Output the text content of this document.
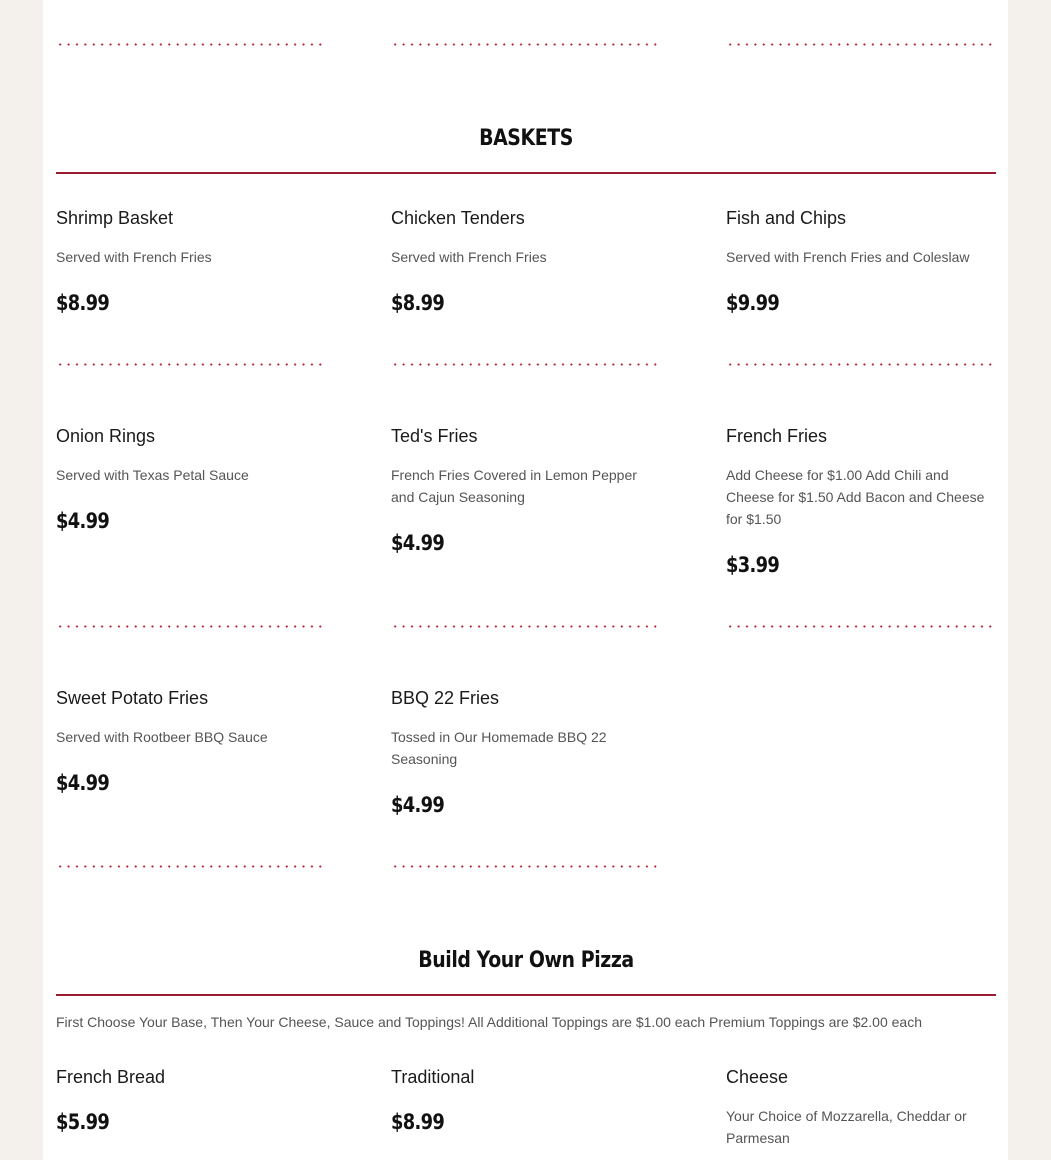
BASKETS
Shrimp Basket
Served with French Fries
$8.99
Chicken Tenders
Served with French Fries
$8.99
Fish and Chips
Served with French Fries and Coleslaw
$9.99
Onion Rings
Served with Texas Petal Sauce
$4.99
Ted's Fries
French Fries Covered in Lemon Pepper and Cajun Seasoning
$4.99
French Fries
Add Cheese for $1.00 Add Chili and Cheese for $1.50 Add Bacon and Cheese for $1.50
$3.99
Sweet Potato Fries
Served with Rootbeer BBQ Sauce
$4.99
BBQ 22 Fries
Tossed in Our Homemade BBQ 22 Seasoning
$4.99
Build Your Own Pizza
First Choose Your Base, Then Your Cheese, Sauce and Toppings! All Additional Toppings are $1.00 each Premium Toppings are $2.00 each
French Bread
$5.99
Traditional
$8.99
Cheese
Your Choice of Mozzarella, Cheddar or Parmesan
